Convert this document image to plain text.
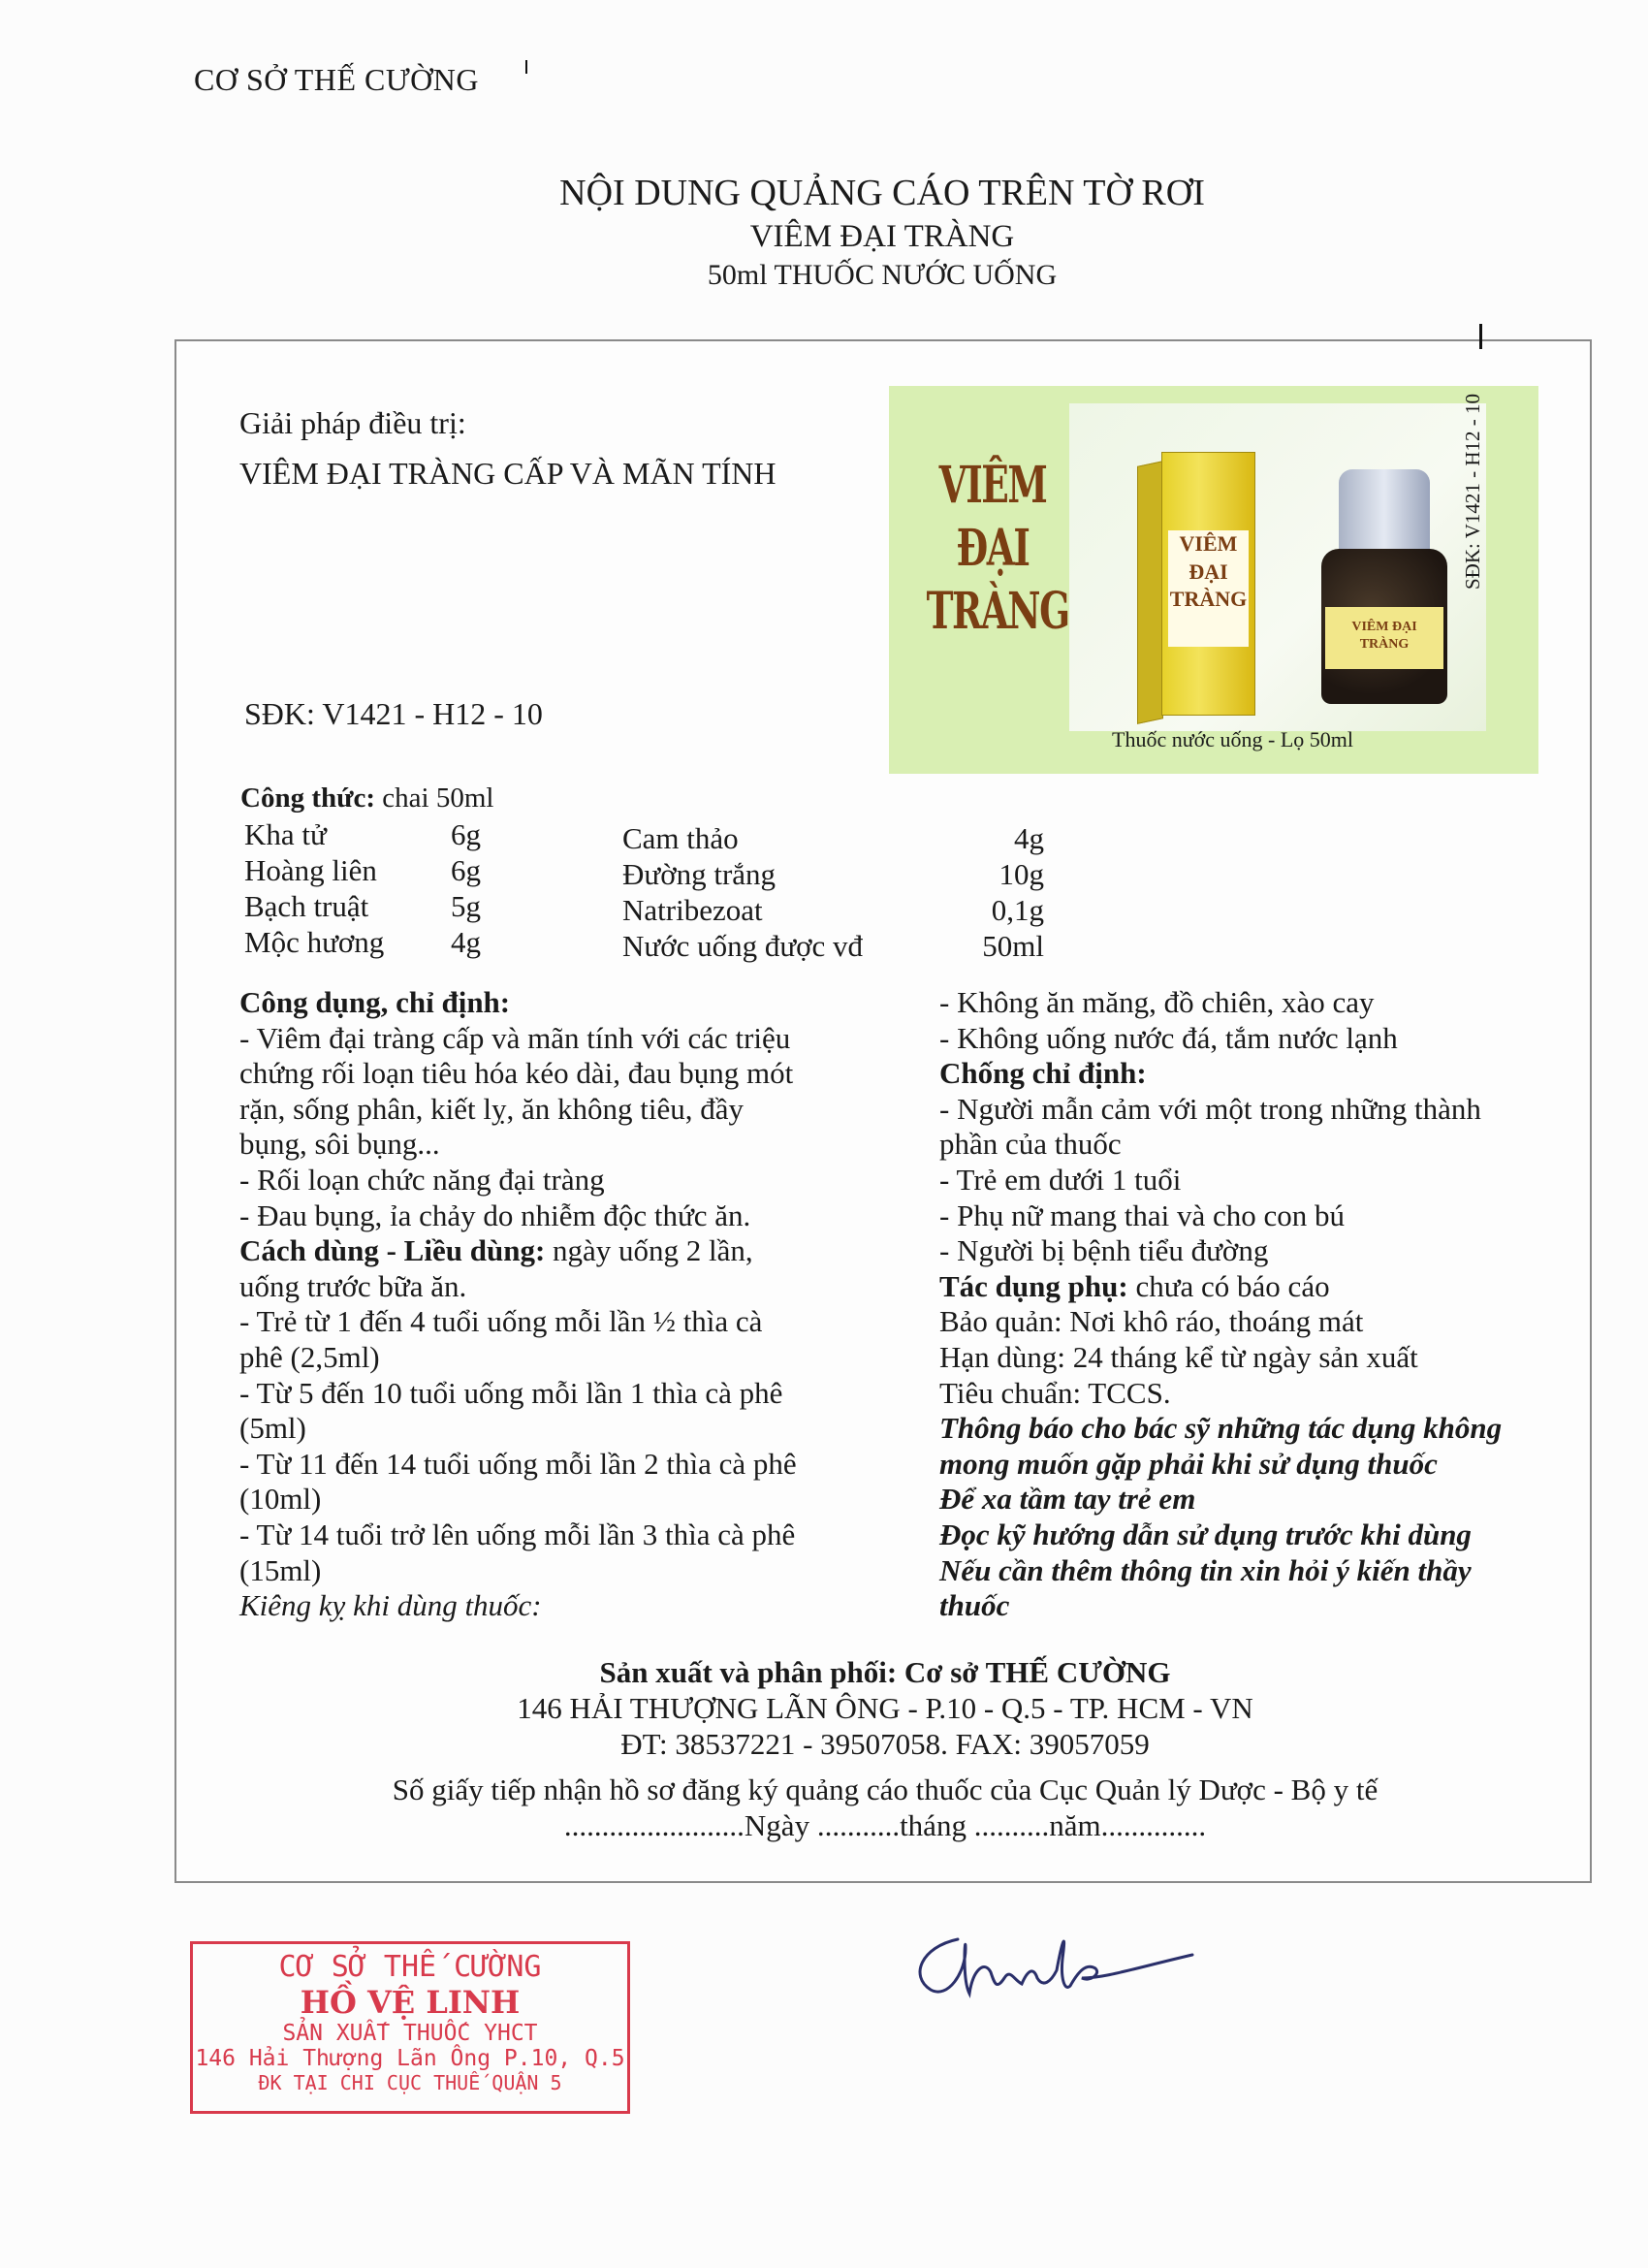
CƠ SỞ THẾ CƯỜNG
NỘI DUNG QUẢNG CÁO TRÊN TỜ RƠI
VIÊM ĐẠI TRÀNG
50ml THUỐC NƯỚC UỐNG
Giải pháp điều trị:
VIÊM ĐẠI TRÀNG CẤP VÀ MÃN TÍNH
SĐK: V1421 - H12 - 10
VIÊM
ĐẠI
TRÀNG
VIÊM
ĐẠI
TRÀNG
VIÊM ĐẠI
TRÀNG
Thuốc nước uống - Lọ 50ml
SĐK: V1421 - H12 - 10
Công thức: chai 50ml
Kha tử	6g
Hoàng liên 6g
Bạch truật	5g
Mộc hương 4g
Cam thảo	4g
Đường trắng	10g
Natribezoat	0,1g
Nước uống được vđ	50ml

Công dụng, chỉ định:

- Viêm đại tràng cấp và mãn tính với các triệu chứng rối loạn tiêu hóa kéo dài, đau bụng mót rặn, sống phân, kiết lỵ, ăn không tiêu, đầy bụng, sôi bụng...

- Rối loạn chức năng đại tràng

- Đau bụng, ỉa chảy do nhiễm độc thức ăn.

Cách dùng - Liều dùng: ngày uống 2 lần, uống trước bữa ăn.

- Trẻ từ 1 đến 4 tuổi uống mỗi lần ½ thìa cà phê (2,5ml)

- Từ 5 đến 10 tuổi uống mỗi lần 1 thìa cà phê (5ml)

- Từ 11 đến 14 tuổi uống mỗi lần 2 thìa cà phê (10ml)

- Từ 14 tuổi trở lên uống mỗi lần 3 thìa cà phê (15ml)

Kiêng kỵ khi dùng thuốc:

- Không ăn măng, đồ chiên, xào cay

- Không uống nước đá, tắm nước lạnh

Chống chỉ định:

- Người mẫn cảm với một trong những thành phần của thuốc

- Trẻ em dưới 1 tuổi

- Phụ nữ mang thai và cho con bú

- Người bị bệnh tiểu đường

Tác dụng phụ: chưa có báo cáo

Bảo quản: Nơi khô ráo, thoáng mát

Hạn dùng: 24 tháng kể từ ngày sản xuất

Tiêu chuẩn: TCCS.

Thông báo cho bác sỹ những tác dụng không mong muốn gặp phải khi sử dụng thuốc

Để xa tầm tay trẻ em

Đọc kỹ hướng dẫn sử dụng trước khi dùng

Nếu cần thêm thông tin xin hỏi ý kiến thầy thuốc

Sản xuất và phân phối: Cơ sở THẾ CƯỜNG
146 HẢI THƯỢNG LÃN ÔNG - P.10 - Q.5 - TP. HCM - VN
ĐT: 38537221 - 39507058. FAX: 39057059
Số giấy tiếp nhận hồ sơ đăng ký quảng cáo thuốc của Cục Quản lý Dược - Bộ y tế
........................Ngày ...........tháng ..........năm..............
CƠ SỞ THẾ CƯỜNG
HỒ VỆ LINH
SẢN XUẤT THUỐC YHCT
146 Hải Thượng Lãn Ông P.10, Q.5
ĐK TẠI CHI CỤC THUẾ QUẬN 5
